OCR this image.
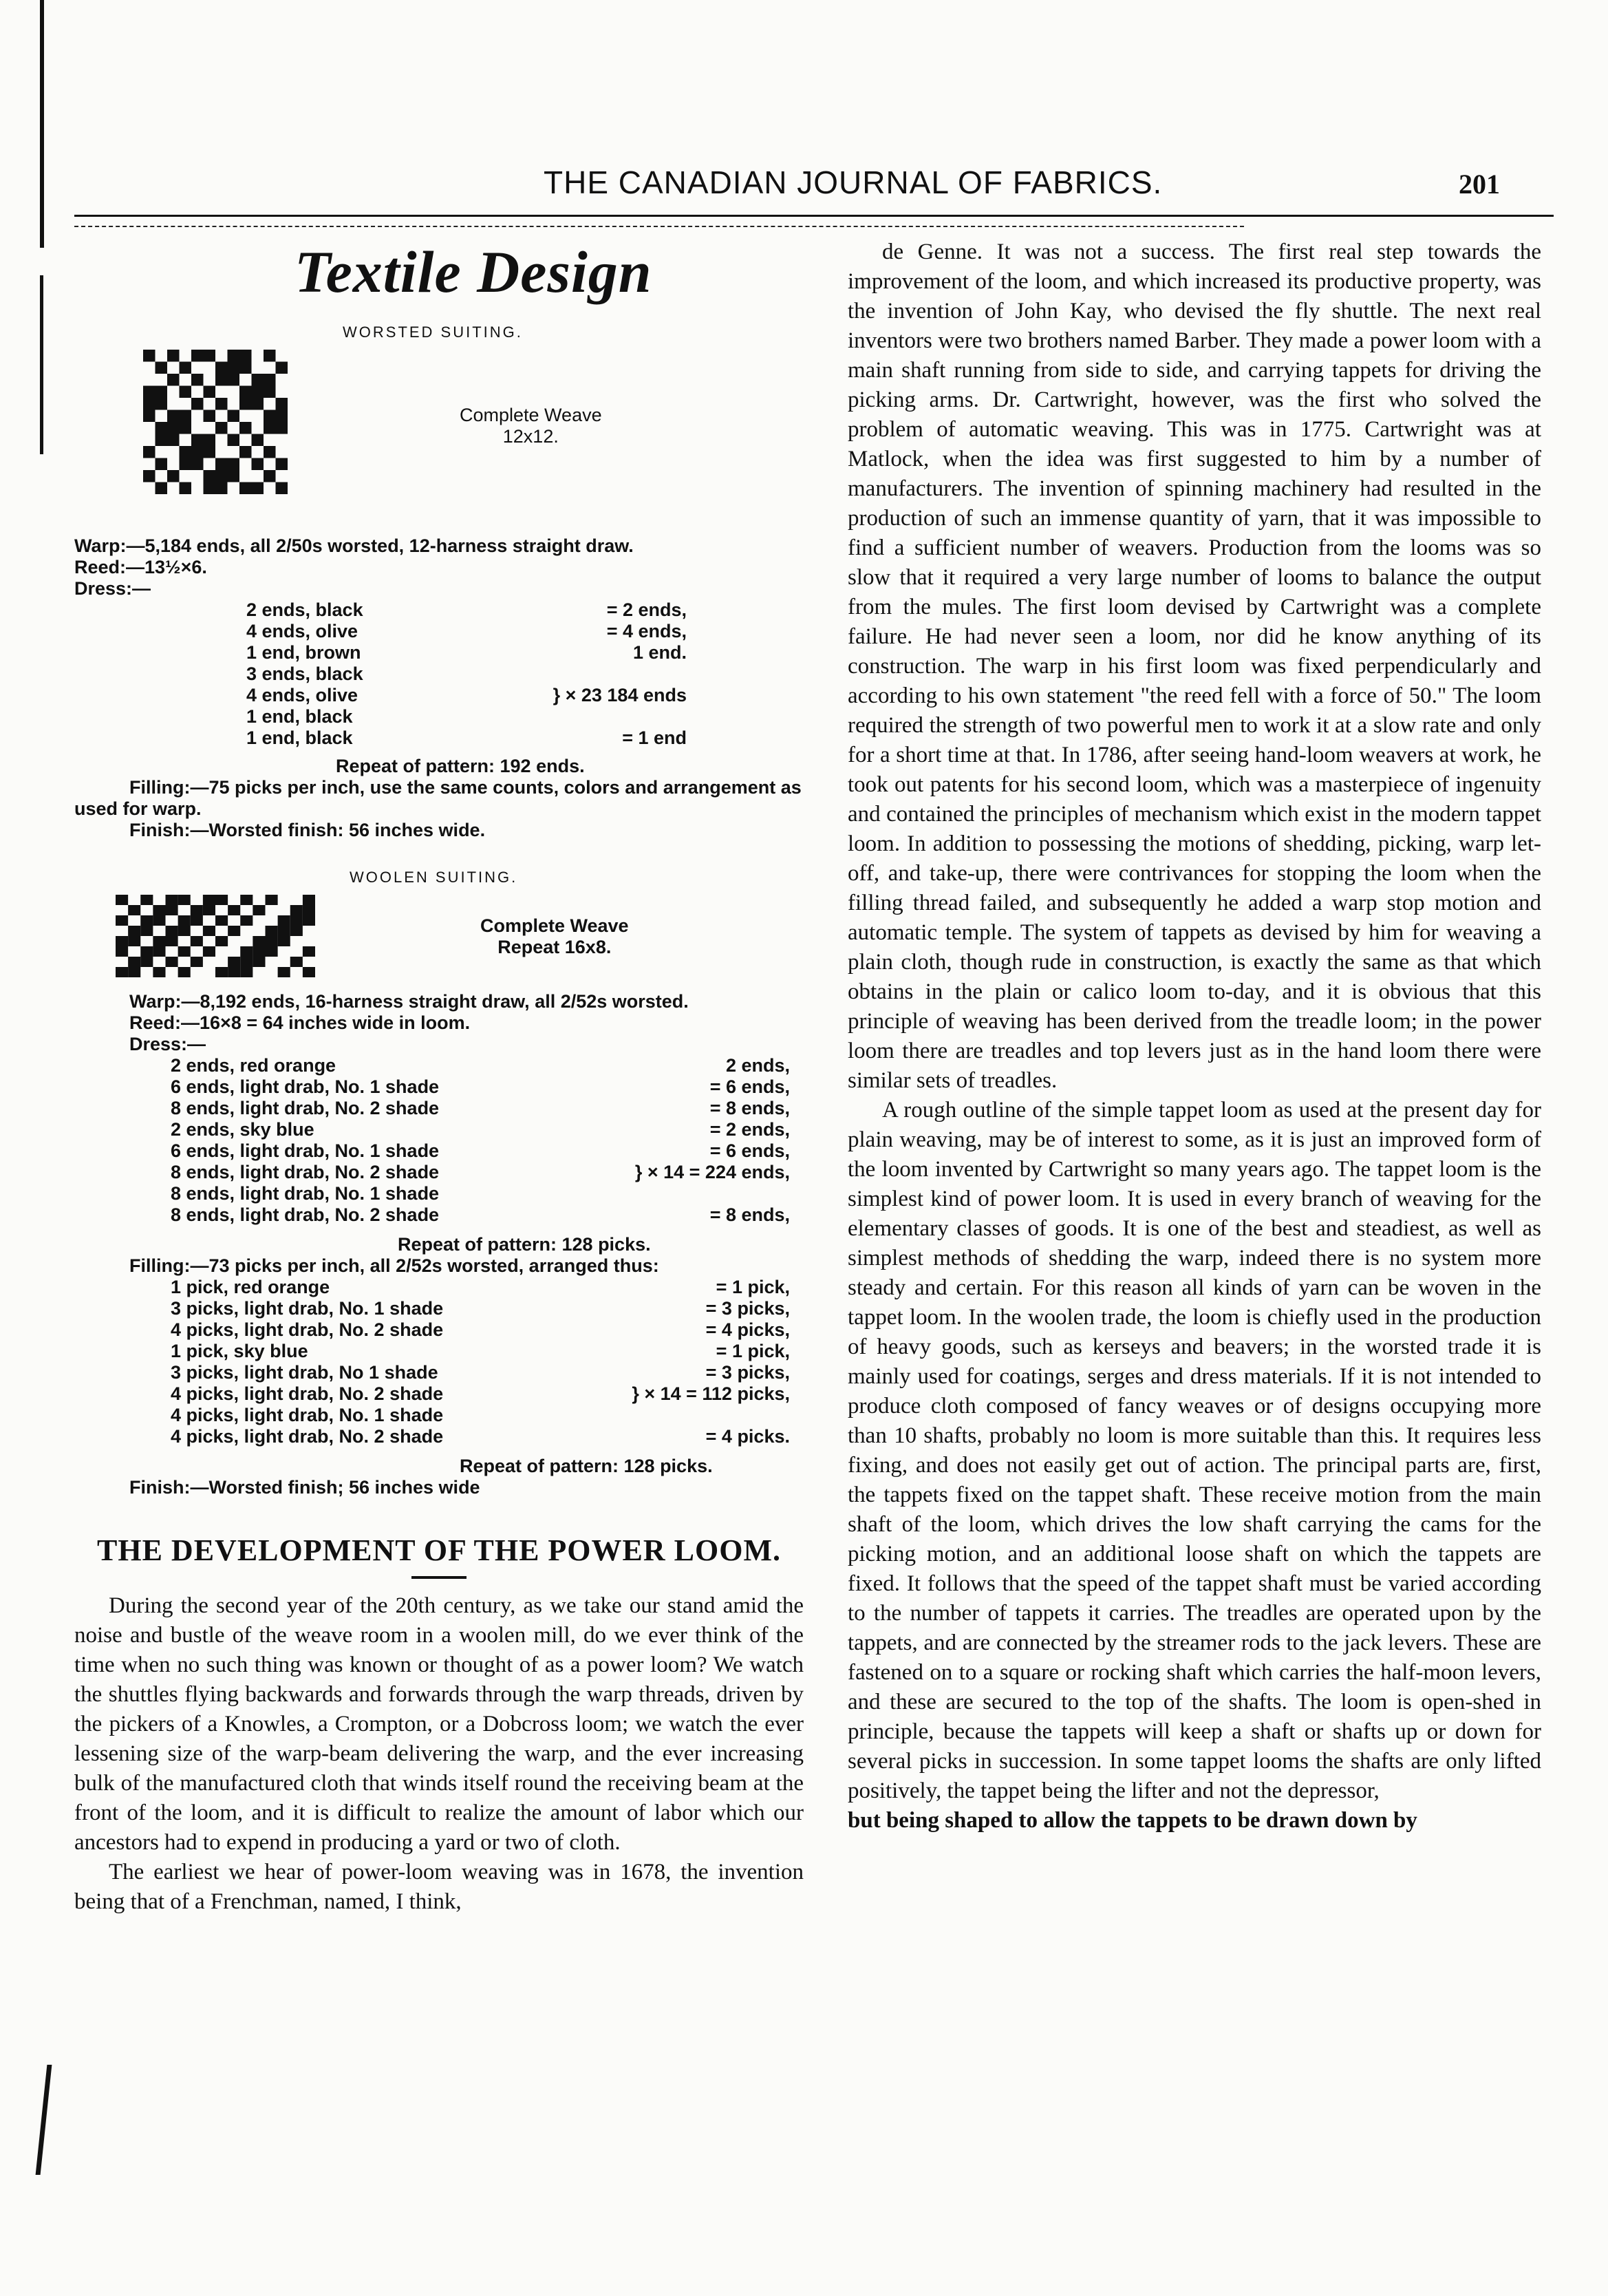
THE CANADIAN JOURNAL OF FABRICS.	201
Textile Design
WORSTED SUITING.
Complete Weave
12x12.
Warp:—5,184 ends, all 2/50s worsted, 12-harness straight draw.
Reed:—13½×6.
Dress:—
2 ends, black	= 2 ends,
4 ends, olive	= 4 ends,
1 end, brown	1 end.
3 ends, black	
4 ends, olive	} × 23 184 ends
1 end, black	
1 end, black	= 1 end
Repeat of pattern: 192 ends.
Filling:—75 picks per inch, use the same counts, colors and arrangement as used for warp.
Finish:—Worsted finish: 56 inches wide.
WOOLEN SUITING.
Complete Weave
Repeat 16x8.
Warp:—8,192 ends, 16-harness straight draw, all 2/52s worsted.
Reed:—16×8 = 64 inches wide in loom.
Dress:—
2 ends, red orange	2 ends,
6 ends, light drab, No. 1 shade	= 6 ends,
8 ends, light drab, No. 2 shade	= 8 ends,
2 ends, sky blue	= 2 ends,
6 ends, light drab, No. 1 shade	= 6 ends,
8 ends, light drab, No. 2 shade	} × 14 = 224 ends,
8 ends, light drab, No. 1 shade	
8 ends, light drab, No. 2 shade	= 8 ends,
Repeat of pattern: 128 picks.
Filling:—73 picks per inch, all 2/52s worsted, arranged thus:
1 pick, red orange	= 1 pick,
3 picks, light drab, No. 1 shade	= 3 picks,
4 picks, light drab, No. 2 shade	= 4 picks,
1 pick, sky blue	= 1 pick,
3 picks, light drab, No 1 shade	= 3 picks,
4 picks, light drab, No. 2 shade	} × 14 = 112 picks,
4 picks, light drab, No. 1 shade	
4 picks, light drab, No. 2 shade	= 4 picks.
Repeat of pattern: 128 picks.
Finish:—Worsted finish; 56 inches wide
THE DEVELOPMENT OF THE POWER LOOM.

During the second year of the 20th century, as we take our stand amid the noise and bustle of the weave room in a woolen mill, do we ever think of the time when no such thing was known or thought of as a power loom? We watch the shuttles flying backwards and forwards through the warp threads, driven by the pickers of a Knowles, a Crompton, or a Dobcross loom; we watch the ever lessening size of the warp-beam delivering the warp, and the ever increasing bulk of the manufactured cloth that winds itself round the receiving beam at the front of the loom, and it is difficult to realize the amount of labor which our ancestors had to expend in producing a yard or two of cloth.

The earliest we hear of power-loom weaving was in 1678, the invention being that of a Frenchman, named, I think,

de Genne. It was not a success. The first real step towards the improvement of the loom, and which increased its productive property, was the invention of John Kay, who devised the fly shuttle. The next real inventors were two brothers named Barber. They made a power loom with a main shaft running from side to side, and carrying tappets for driving the picking arms. Dr. Cartwright, however, was the first who solved the problem of automatic weaving. This was in 1775. Cartwright was at Matlock, when the idea was first suggested to him by a number of manufacturers. The invention of spinning machinery had resulted in the production of such an immense quantity of yarn, that it was impossible to find a sufficient number of weavers. Production from the looms was so slow that it required a very large number of looms to balance the output from the mules. The first loom devised by Cartwright was a complete failure. He had never seen a loom, nor did he know anything of its construction. The warp in his first loom was fixed perpendicularly and according to his own statement "the reed fell with a force of 50." The loom required the strength of two powerful men to work it at a slow rate and only for a short time at that. In 1786, after seeing hand-loom weavers at work, he took out patents for his second loom, which was a masterpiece of ingenuity and contained the principles of mechanism which exist in the modern tappet loom. In addition to possessing the motions of shedding, picking, warp let-off, and take-up, there were contrivances for stopping the loom when the filling thread failed, and subsequently he added a warp stop motion and automatic temple. The system of tappets as devised by him for weaving a plain cloth, though rude in construction, is exactly the same as that which obtains in the plain or calico loom to-day, and it is obvious that this principle of weaving has been derived from the treadle loom; in the power loom there are treadles and top levers just as in the hand loom there were similar sets of treadles.

A rough outline of the simple tappet loom as used at the present day for plain weaving, may be of interest to some, as it is just an improved form of the loom invented by Cartwright so many years ago. The tappet loom is the simplest kind of power loom. It is used in every branch of weaving for the elementary classes of goods. It is one of the best and steadiest, as well as simplest methods of shedding the warp, indeed there is no system more steady and certain. For this reason all kinds of yarn can be woven in the tappet loom. In the woolen trade, the loom is chiefly used in the production of heavy goods, such as kerseys and beavers; in the worsted trade it is mainly used for coatings, serges and dress materials. If it is not intended to produce cloth composed of fancy weaves or of designs occupying more than 10 shafts, probably no loom is more suitable than this. It requires less fixing, and does not easily get out of action. The principal parts are, first, the tappets fixed on the tappet shaft. These receive motion from the main shaft of the loom, which drives the low shaft carrying the cams for the picking motion, and an additional loose shaft on which the tappets are fixed. It follows that the speed of the tappet shaft must be varied according to the number of tappets it carries. The treadles are operated upon by the tappets, and are connected by the streamer rods to the jack levers. These are fastened on to a square or rocking shaft which carries the half-moon levers, and these are secured to the top of the shafts. The loom is open-shed in principle, because the tappets will keep a shaft or shafts up or down for several picks in succession. In some tappet looms the shafts are only lifted positively, the tappet being the lifter and not the depressor,

but being shaped to allow the tappets to be drawn down by
